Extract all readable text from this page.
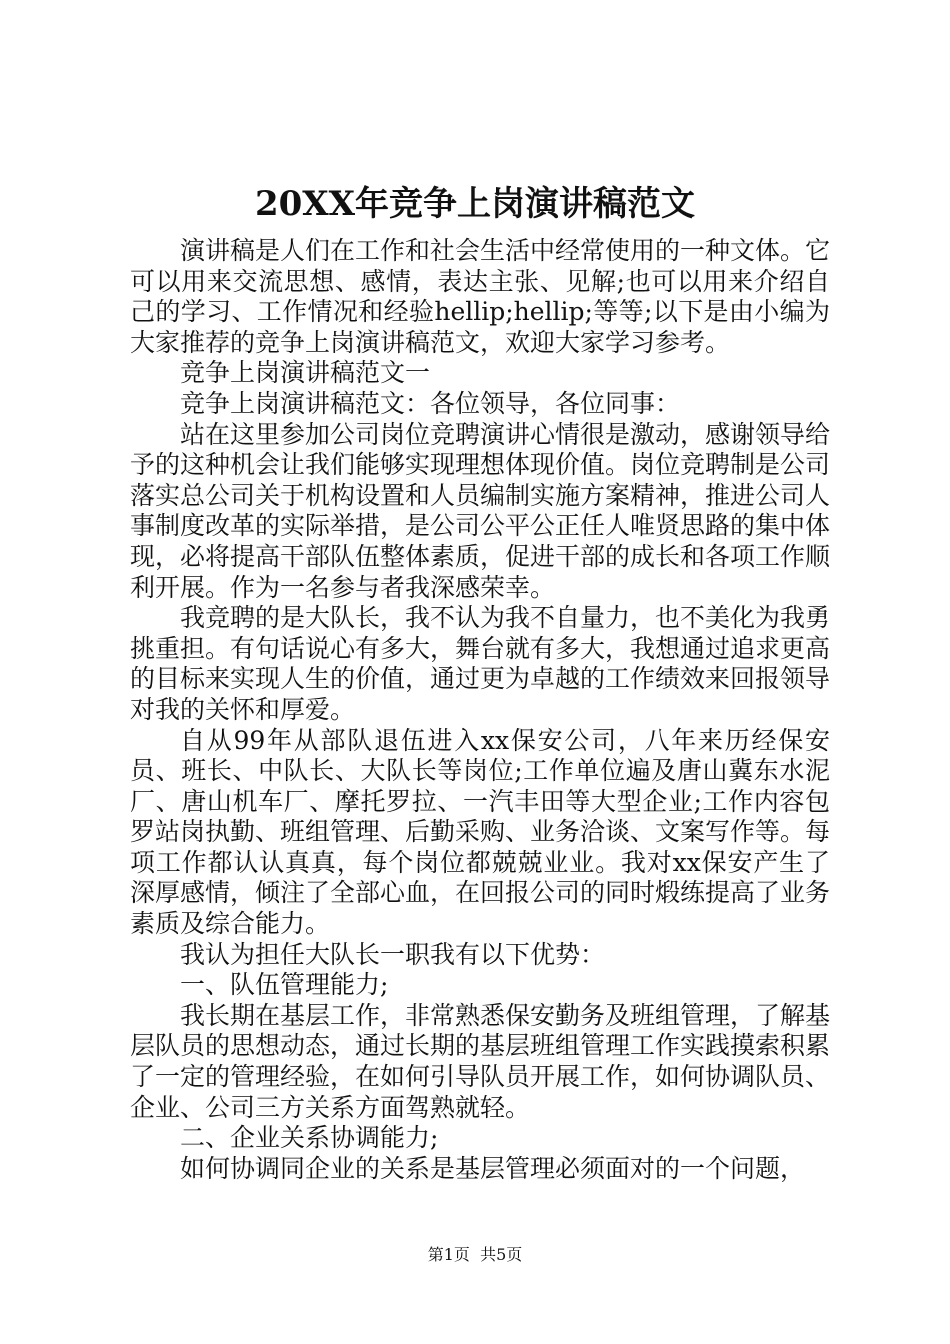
20XX年竞争上岗演讲稿范文

演讲稿是人们在工作和社会生活中经常使用的一种文体。它可以用来交流思想、感情，表达主张、见解;也可以用来介绍自己的学习、工作情况和经验hellip;hellip;等等;以下是由小编为大家推荐的竞争上岗演讲稿范文，欢迎大家学习参考。

竞争上岗演讲稿范文一

竞争上岗演讲稿范文：各位领导，各位同事：

站在这里参加公司岗位竞聘演讲心情很是激动，感谢领导给予的这种机会让我们能够实现理想体现价值。岗位竞聘制是公司落实总公司关于机构设置和人员编制实施方案精神，推进公司人事制度改革的实际举措，是公司公平公正任人唯贤思路的集中体现，必将提高干部队伍整体素质，促进干部的成长和各项工作顺利开展。作为一名参与者我深感荣幸。

我竞聘的是大队长，我不认为我不自量力，也不美化为我勇挑重担。有句话说心有多大，舞台就有多大，我想通过追求更高的目标来实现人生的价值，通过更为卓越的工作绩效来回报领导对我的关怀和厚爱。

自从99年从部队退伍进入xx保安公司，八年来历经保安员、班长、中队长、大队长等岗位;工作单位遍及唐山冀东水泥厂、唐山机车厂、摩托罗拉、一汽丰田等大型企业;工作内容包罗站岗执勤、班组管理、后勤采购、业务洽谈、文案写作等。每项工作都认认真真，每个岗位都兢兢业业。我对xx保安产生了深厚感情，倾注了全部心血，在回报公司的同时煅练提高了业务素质及综合能力。

我认为担任大队长一职我有以下优势：

一、队伍管理能力;

我长期在基层工作，非常熟悉保安勤务及班组管理，了解基层队员的思想动态，通过长期的基层班组管理工作实践摸索积累了一定的管理经验，在如何引导队员开展工作，如何协调队员、企业、公司三方关系方面驾熟就轻。

二、企业关系协调能力;

如何协调同企业的关系是基层管理必须面对的一个问题，

第1页  共5页
